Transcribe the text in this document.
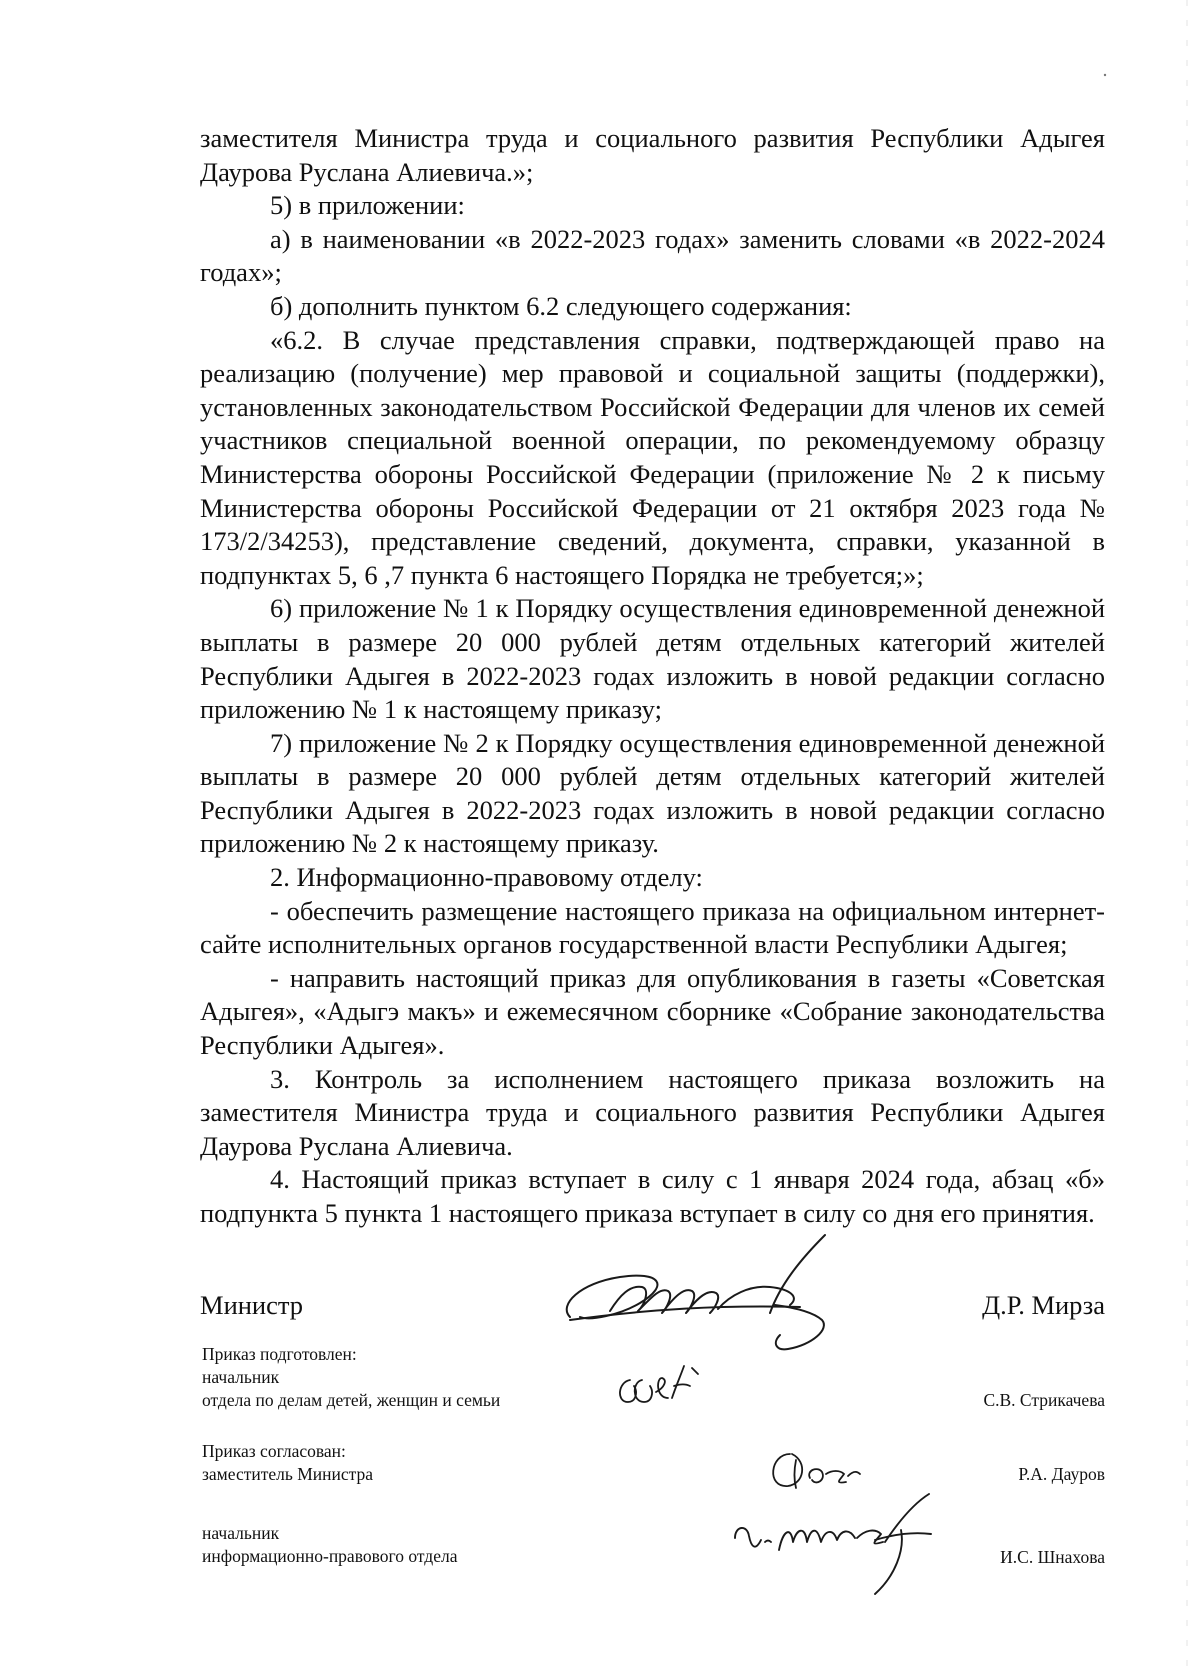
заместителя Министра труда и социального развития Республики Адыгея Даурова Руслана Алиевича.»;

5) в приложении:

а) в наименовании «в 2022-2023 годах» заменить словами «в 2022-2024 годах»;

б) дополнить пунктом 6.2 следующего содержания:

«6.2. В случае представления справки, подтверждающей право на реализацию (получение) мер правовой и социальной защиты (поддержки), установленных законодательством Российской Федерации для членов их семей участников специальной военной операции, по рекомендуемому образцу Министерства обороны Российской Федерации (приложение № 2 к письму Министерства обороны Российской Федерации от 21 октября 2023 года № 173/2/34253), представление сведений, документа, справки, указанной в подпунктах 5, 6 ,7 пункта 6 настоящего Порядка не требуется;»;

6) приложение № 1 к Порядку осуществления единовременной денежной выплаты в размере 20 000 рублей детям отдельных категорий жителей Республики Адыгея в 2022-2023 годах изложить в новой редакции согласно приложению № 1 к настоящему приказу;

7) приложение № 2 к Порядку осуществления единовременной денежной выплаты в размере 20 000 рублей детям отдельных категорий жителей Республики Адыгея в 2022-2023 годах изложить в новой редакции согласно приложению № 2 к настоящему приказу.

2. Информационно-правовому отделу:

- обеспечить размещение настоящего приказа на официальном интернет-сайте исполнительных органов государственной власти Республики Адыгея;

- направить настоящий приказ для опубликования в газеты «Советская Адыгея», «Адыгэ макъ» и ежемесячном сборнике «Собрание законодательства Республики Адыгея».

3. Контроль за исполнением настоящего приказа возложить на заместителя Министра труда и социального развития Республики Адыгея Даурова Руслана Алиевича.

4. Настоящий приказ вступает в силу с 1 января 2024 года, абзац «б» подпункта 5 пункта 1 настоящего приказа вступает в силу со дня его принятия.

Министр	Д.Р. Мирза
Приказ подготовлен:
начальник
отдела по делам детей, женщин и семьи	С.В. Стрикачева
Приказ согласован:
заместитель Министра	Р.А. Дауров
начальник
информационно-правового отдела	И.С. Шнахова
